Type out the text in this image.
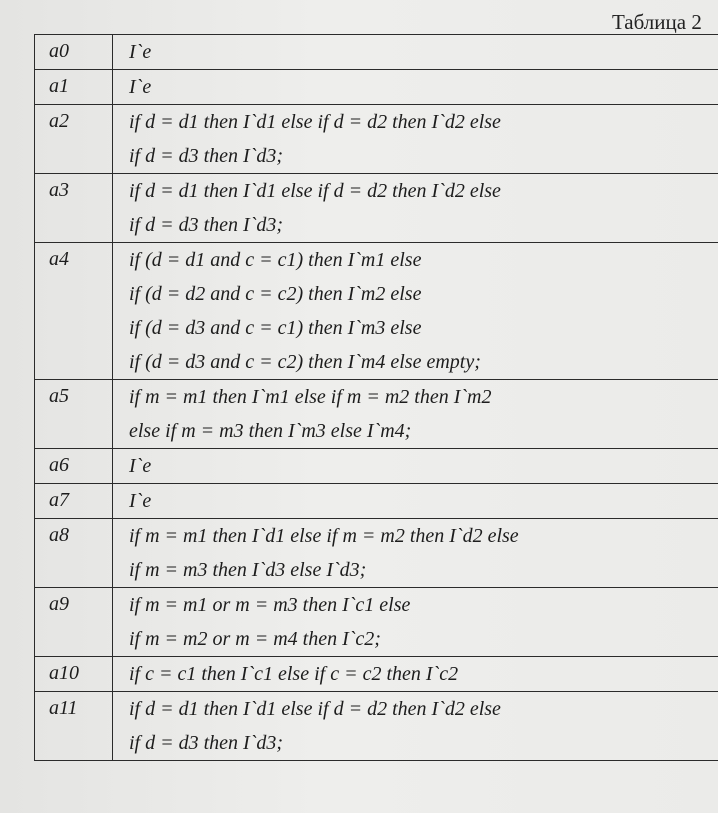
Таблица 2
a0	I`e

a1	I`e

a2	if d = d1 then I`d1 else if d = d2 then I`d2 else
if d = d3 then I`d3;

a3	if d = d1 then I`d1 else if d = d2 then I`d2 else
if d = d3 then I`d3;

a4	if (d = d1 and c = c1) then I`m1 else
if (d = d2 and c = c2) then I`m2 else
if (d = d3 and c = c1) then I`m3 else
if (d = d3 and c = c2) then I`m4 else empty;

a5	if m = m1 then I`m1 else if m = m2 then I`m2
else if m = m3 then I`m3 else I`m4;

a6	I`e

a7	I`e

a8	if m = m1 then I`d1 else if m = m2 then I`d2 else
if m = m3 then I`d3 else I`d3;

a9	if m = m1 or m = m3 then I`c1 else
if m = m2 or m = m4 then I`c2;

a10	if c = c1 then I`c1 else if c = c2 then I`c2

a11	if d = d1 then I`d1 else if d = d2 then I`d2 else
if d = d3 then I`d3;
